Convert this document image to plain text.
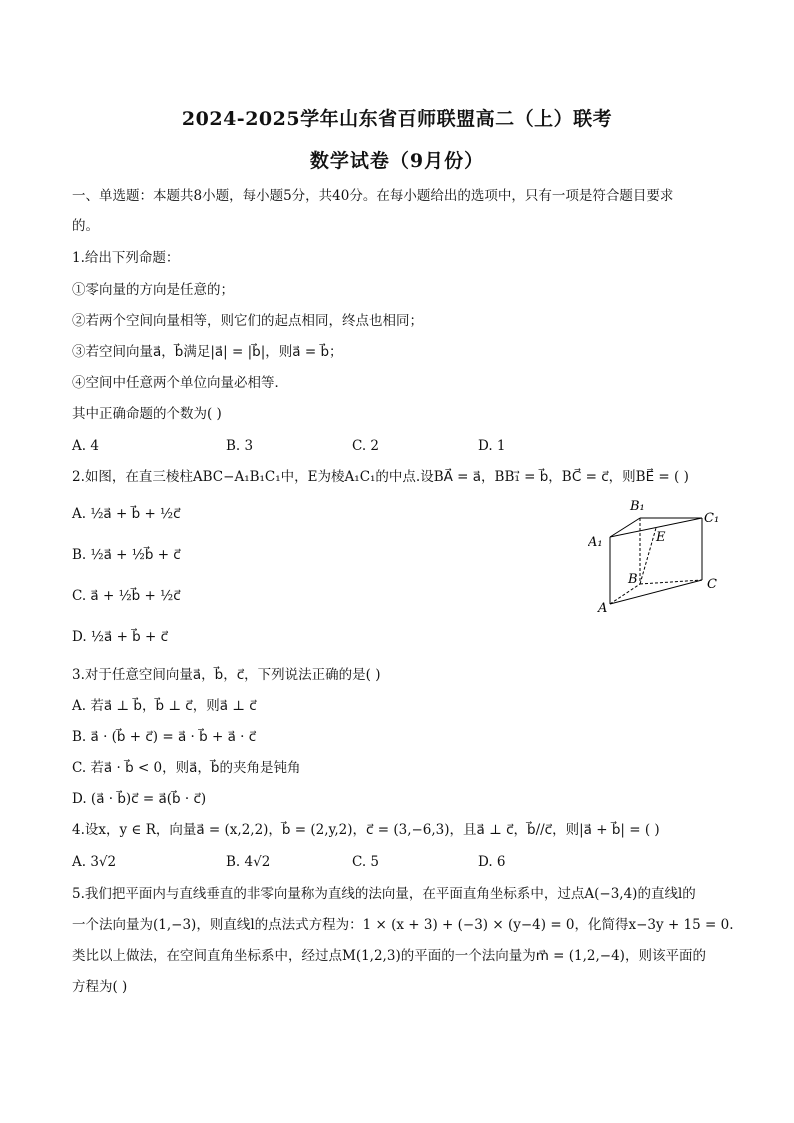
2024-2025学年山东省百师联盟高二（上）联考
数学试卷（9月份）
一、单选题：本题共8小题，每小题5分，共40分。在每小题给出的选项中，只有一项是符合题目要求
的。
1.给出下列命题：
①零向量的方向是任意的；
②若两个空间向量相等，则它们的起点相同，终点也相同；
③若空间向量a⃗，b⃗满足|a⃗| = |b⃗|，则a⃗ = b⃗；
④空间中任意两个单位向量必相等．
其中正确命题的个数为( )
A. 4	B. 3	C. 2	D. 1
2.如图，在直三棱柱ABC−A₁B₁C₁中，E为棱A₁C₁的中点.设BA⃗ = a⃗，BB₁⃗ = b⃗，BC⃗ = c⃗，则BE⃗ = ( )
A. ½a⃗ + b⃗ + ½c⃗
B. ½a⃗ + ½b⃗ + c⃗
C. a⃗ + ½b⃗ + ½c⃗
D. ½a⃗ + b⃗ + c⃗
B₁
C₁
A₁	E
B	C
A
3.对于任意空间向量a⃗，b⃗，c⃗，下列说法正确的是( )
A. 若a⃗ ⊥ b⃗，b⃗ ⊥ c⃗，则a⃗ ⊥ c⃗
B. a⃗ · (b⃗ + c⃗) = a⃗ · b⃗ + a⃗ · c⃗
C. 若a⃗ · b⃗ < 0，则a⃗，b⃗的夹角是钝角
D. (a⃗ · b⃗)c⃗ = a⃗(b⃗ · c⃗)
4.设x，y ∈ R，向量a⃗ = (x,2,2)，b⃗ = (2,y,2)，c⃗ = (3,−6,3)，且a⃗ ⊥ c⃗，b⃗//c⃗，则|a⃗ + b⃗| = ( )
A. 3√2	B. 4√2	C. 5	D. 6
5.我们把平面内与直线垂直的非零向量称为直线的法向量，在平面直角坐标系中，过点A(−3,4)的直线l的
一个法向量为(1,−3)，则直线l的点法式方程为：1 × (x + 3) + (−3) × (y−4) = 0，化简得x−3y + 15 = 0.
类比以上做法，在空间直角坐标系中，经过点M(1,2,3)的平面的一个法向量为m⃗ = (1,2,−4)，则该平面的
方程为( )
